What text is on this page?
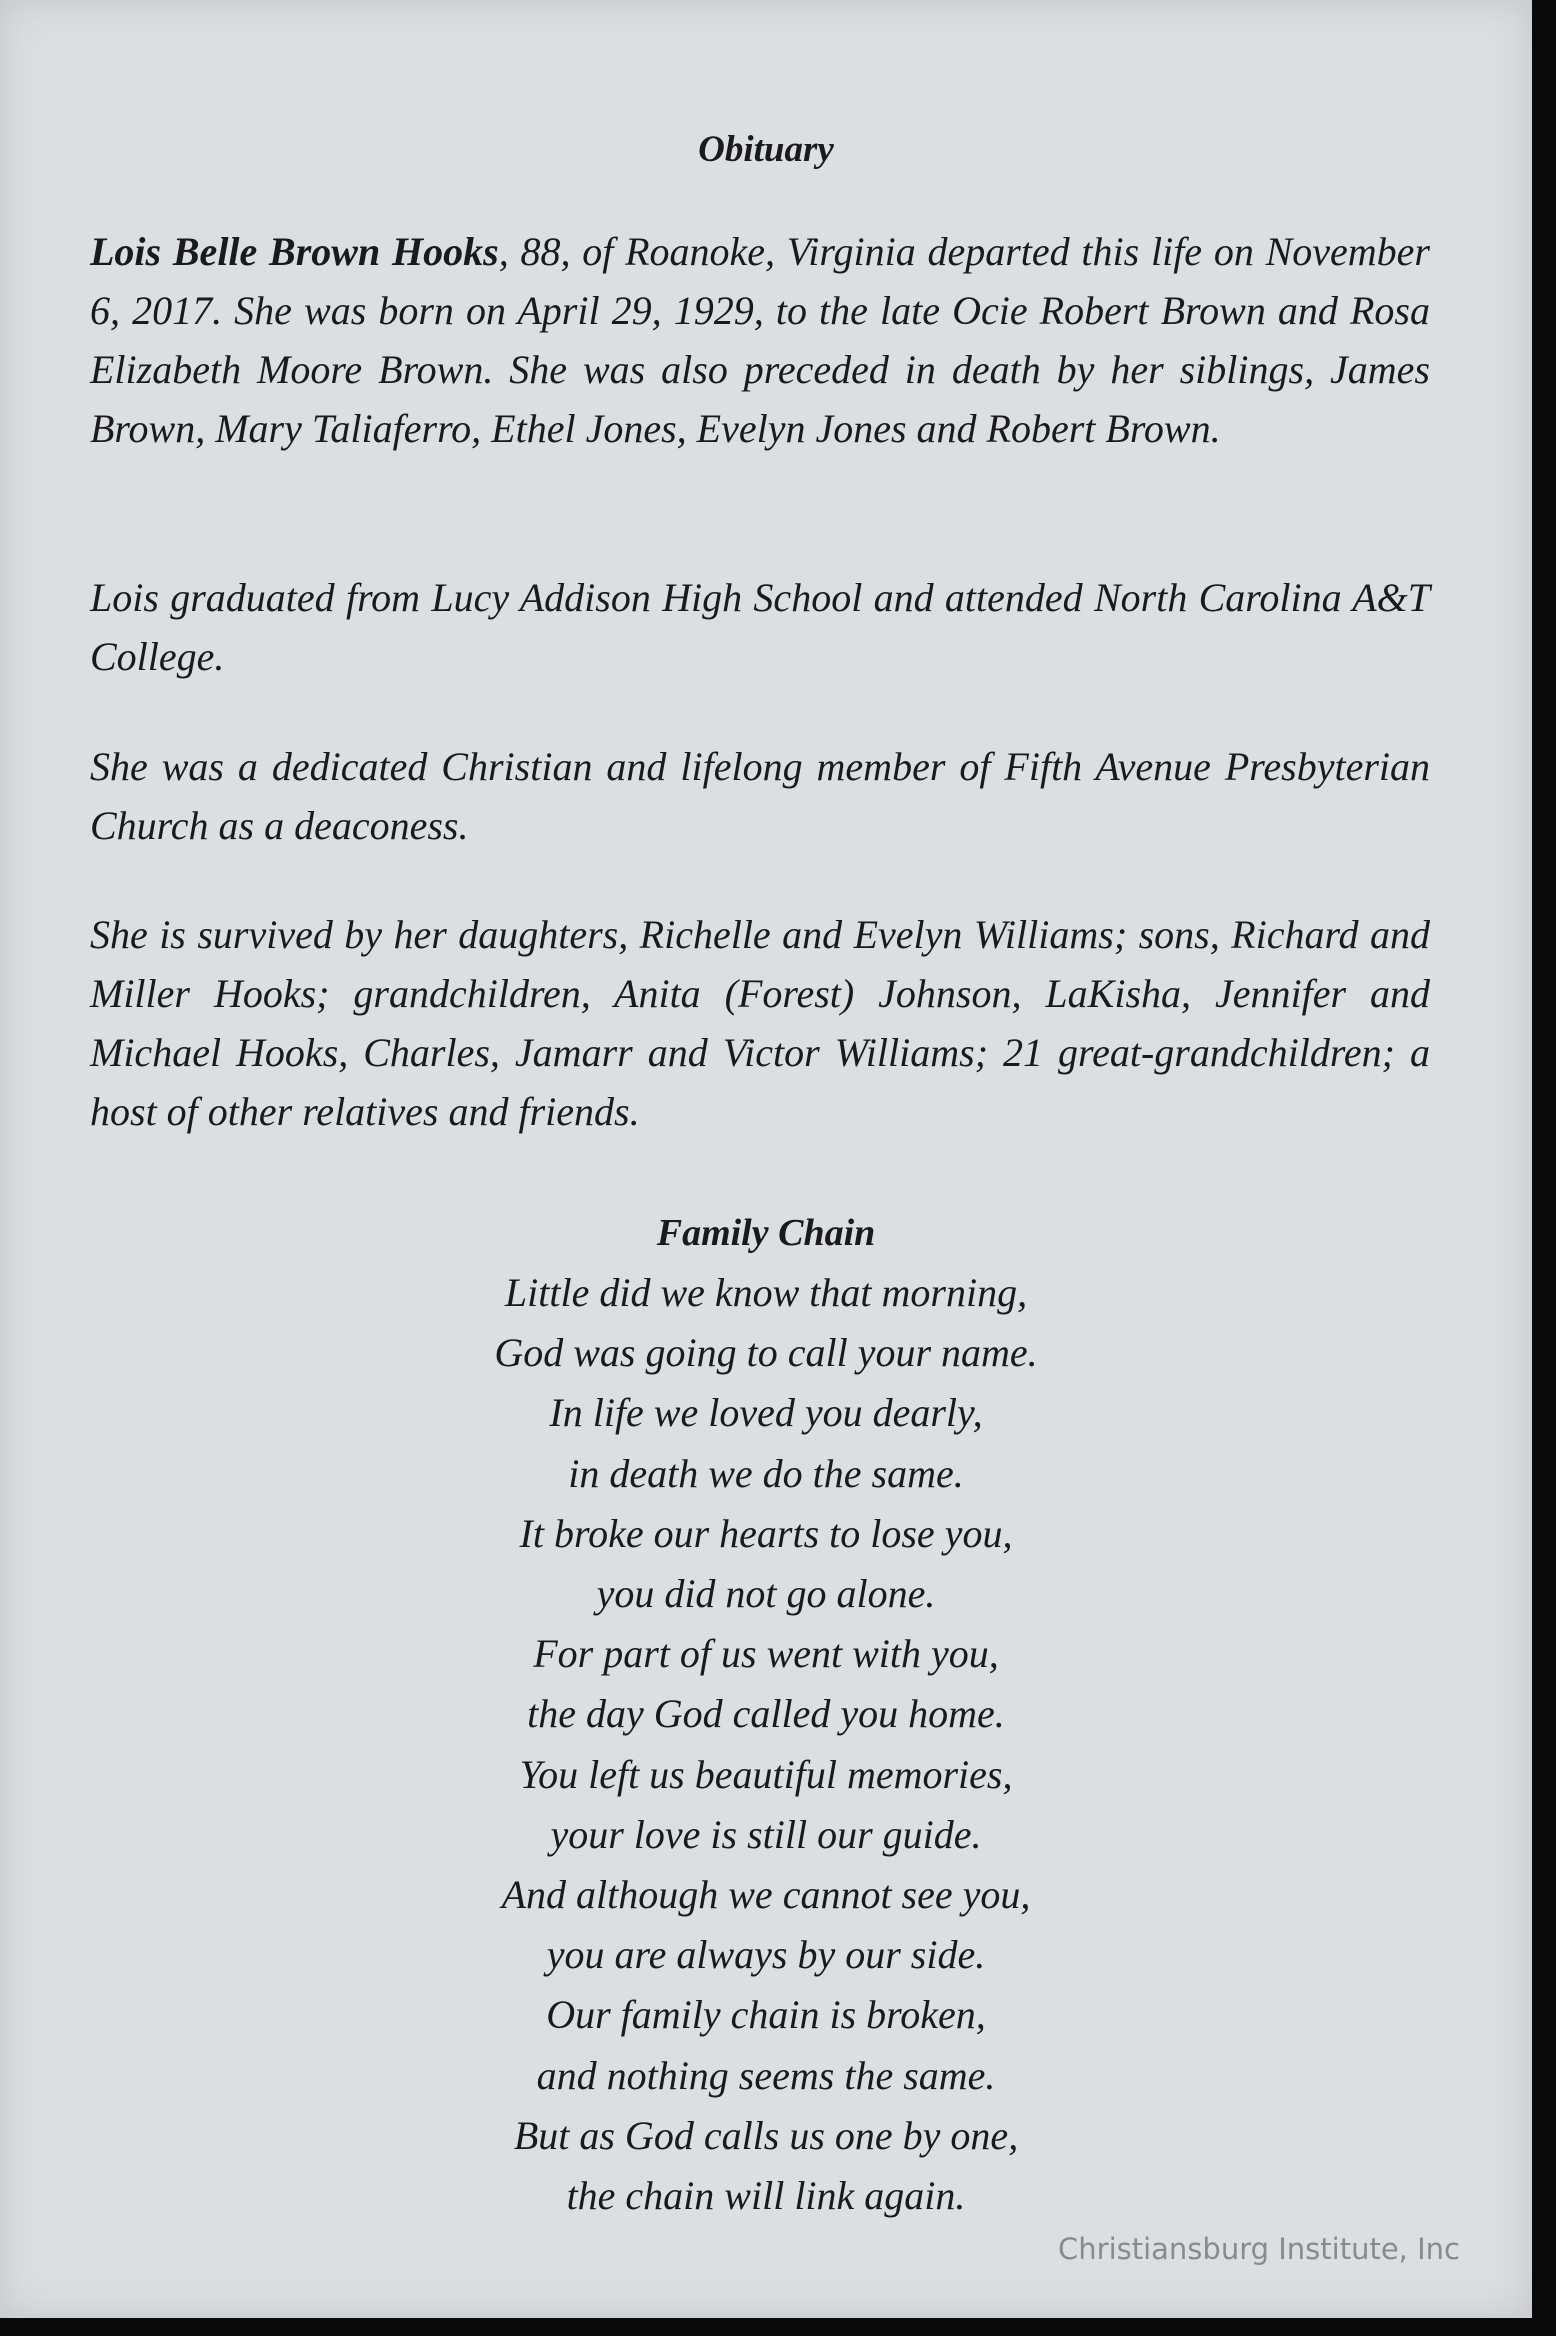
Obituary

Lois Belle Brown Hooks, 88, of Roanoke, Virginia departed this life on November 6, 2017. She was born on April 29, 1929, to the late Ocie Robert Brown and Rosa Elizabeth Moore Brown. She was also preceded in death by her siblings, James Brown, Mary Taliaferro, Ethel Jones, Evelyn Jones and Robert Brown.

Lois graduated from Lucy Addison High School and attended North Carolina A&T College.

She was a dedicated Christian and lifelong member of Fifth Avenue Presbyterian Church as a deaconess.

She is survived by her daughters, Richelle and Evelyn Williams; sons, Richard and Miller Hooks; grandchildren, Anita (Forest) Johnson, LaKisha, Jennifer and Michael Hooks, Charles, Jamarr and Victor Williams; 21 great-grandchildren; a host of other relatives and friends.

Family Chain
Little did we know that morning,
God was going to call your name.
In life we loved you dearly,
in death we do the same.
It broke our hearts to lose you,
you did not go alone.
For part of us went with you,
the day God called you home.
You left us beautiful memories,
your love is still our guide.
And although we cannot see you,
you are always by our side.
Our family chain is broken,
and nothing seems the same.
But as God calls us one by one,
the chain will link again.
Christiansburg Institute, Inc
